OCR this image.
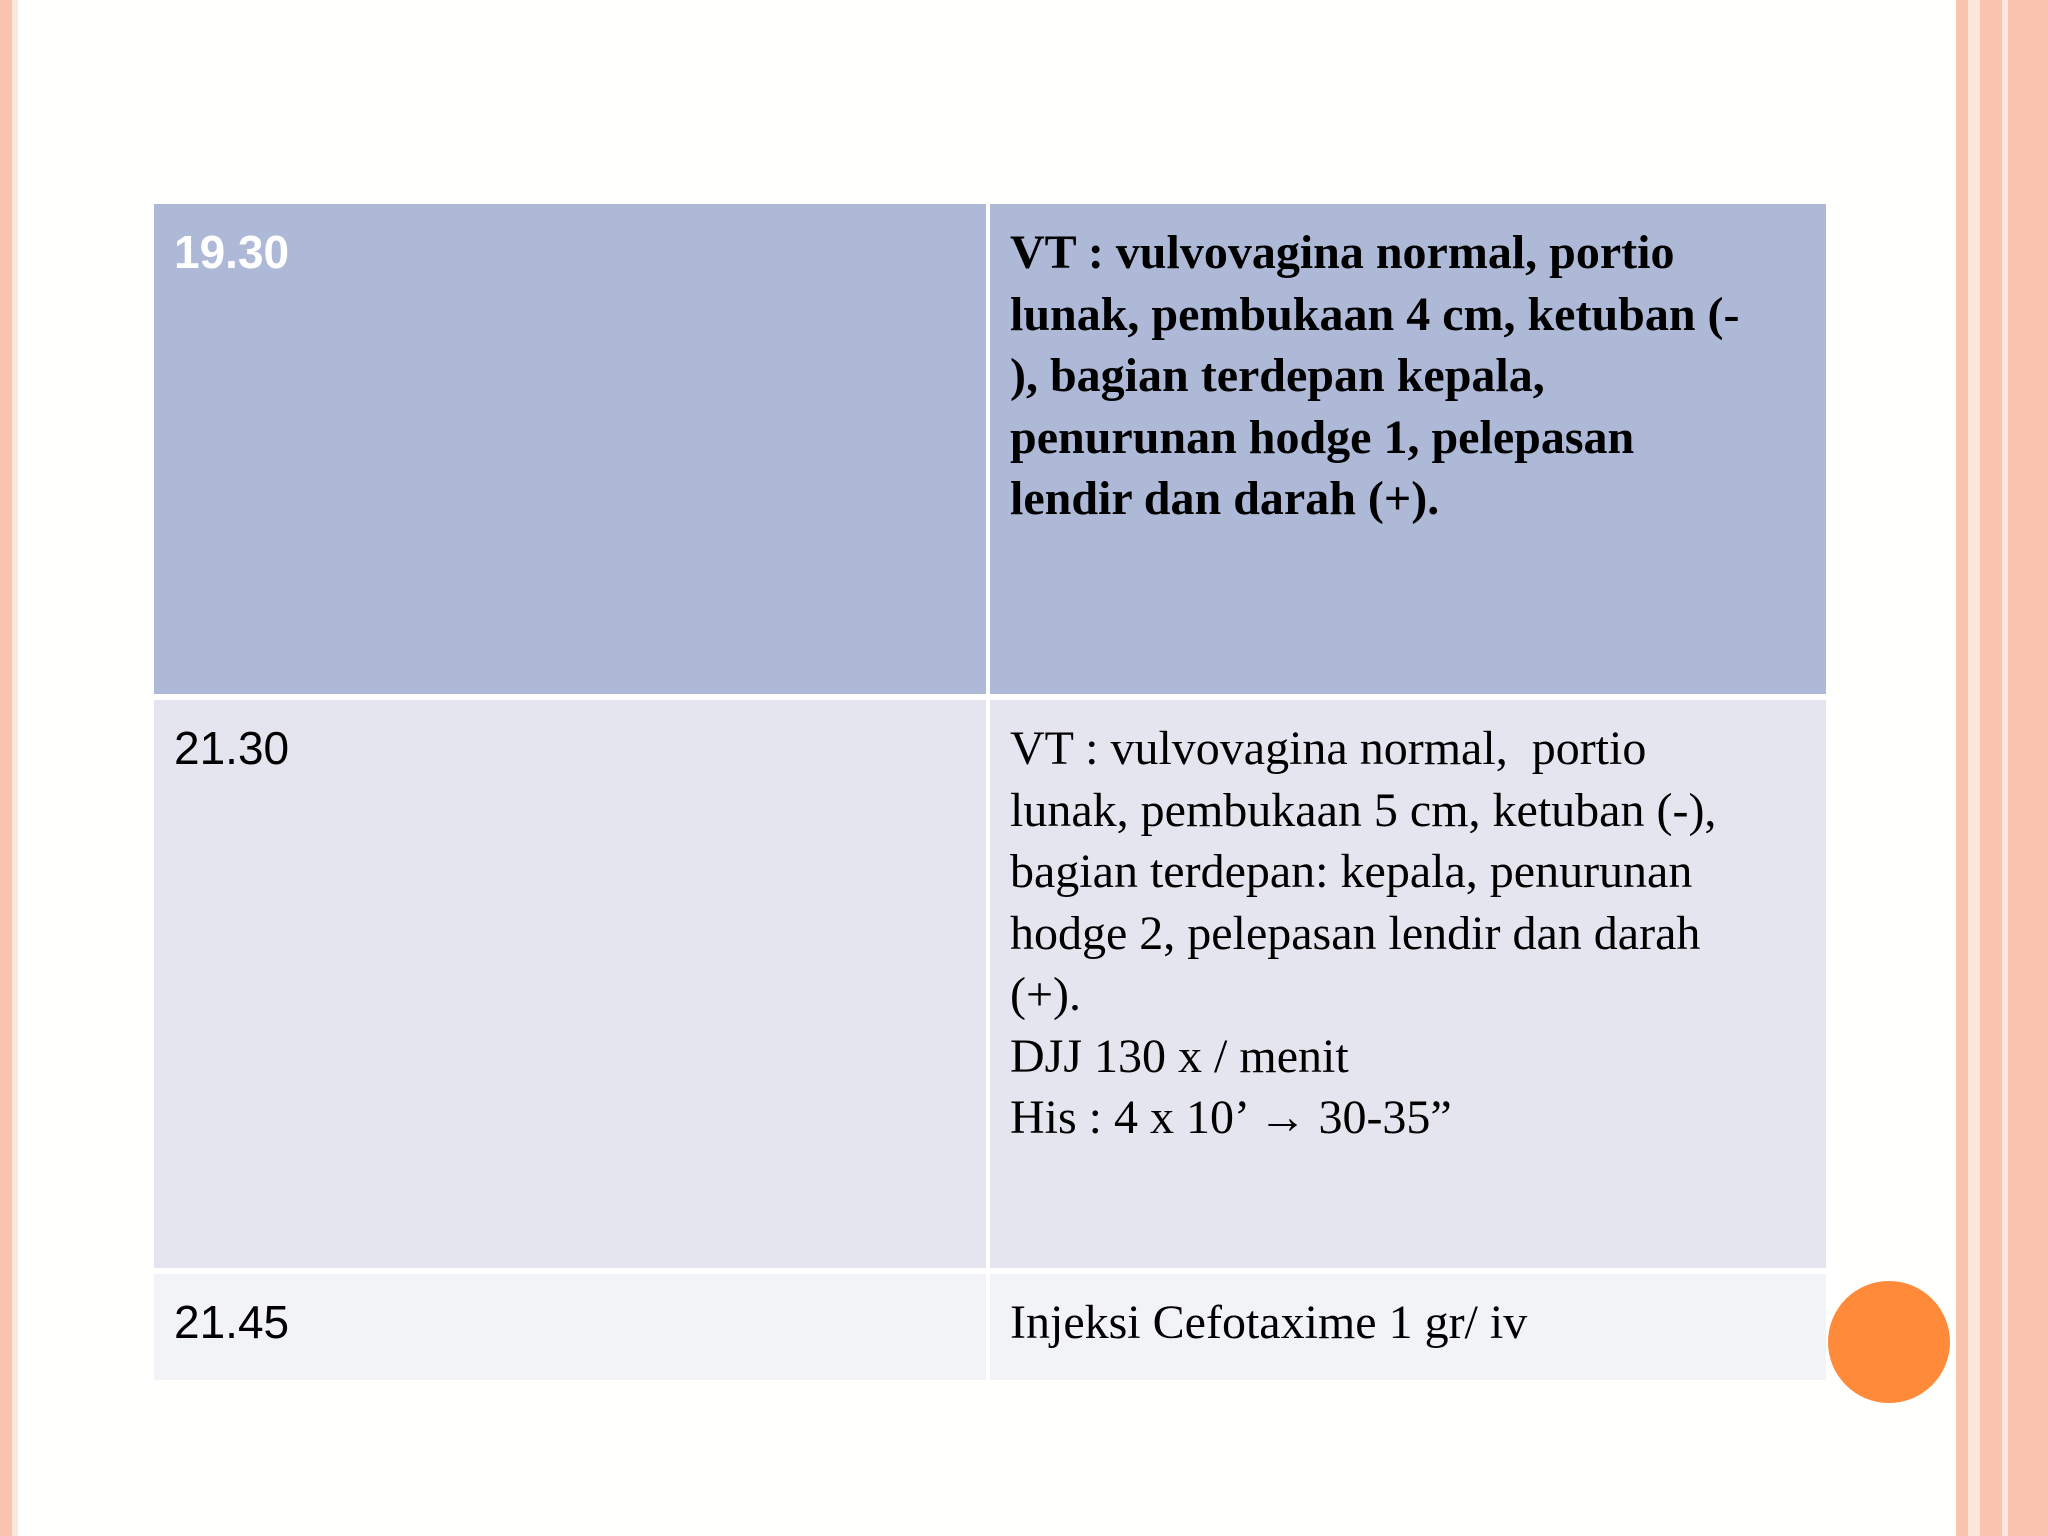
19.30	VT : vulvovagina normal, portio
lunak, pembukaan 4 cm, ketuban (-
), bagian terdepan kepala,
penurunan hodge 1, pelepasan
lendir dan darah (+).
21.30	VT : vulvovagina normal,  portio
lunak, pembukaan 5 cm, ketuban (-),
bagian terdepan: kepala, penurunan
hodge 2, pelepasan lendir dan darah
(+).
DJJ 130 x / menit
His : 4 x 10’ → 30-35”
21.45	Injeksi Cefotaxime 1 gr/ iv
